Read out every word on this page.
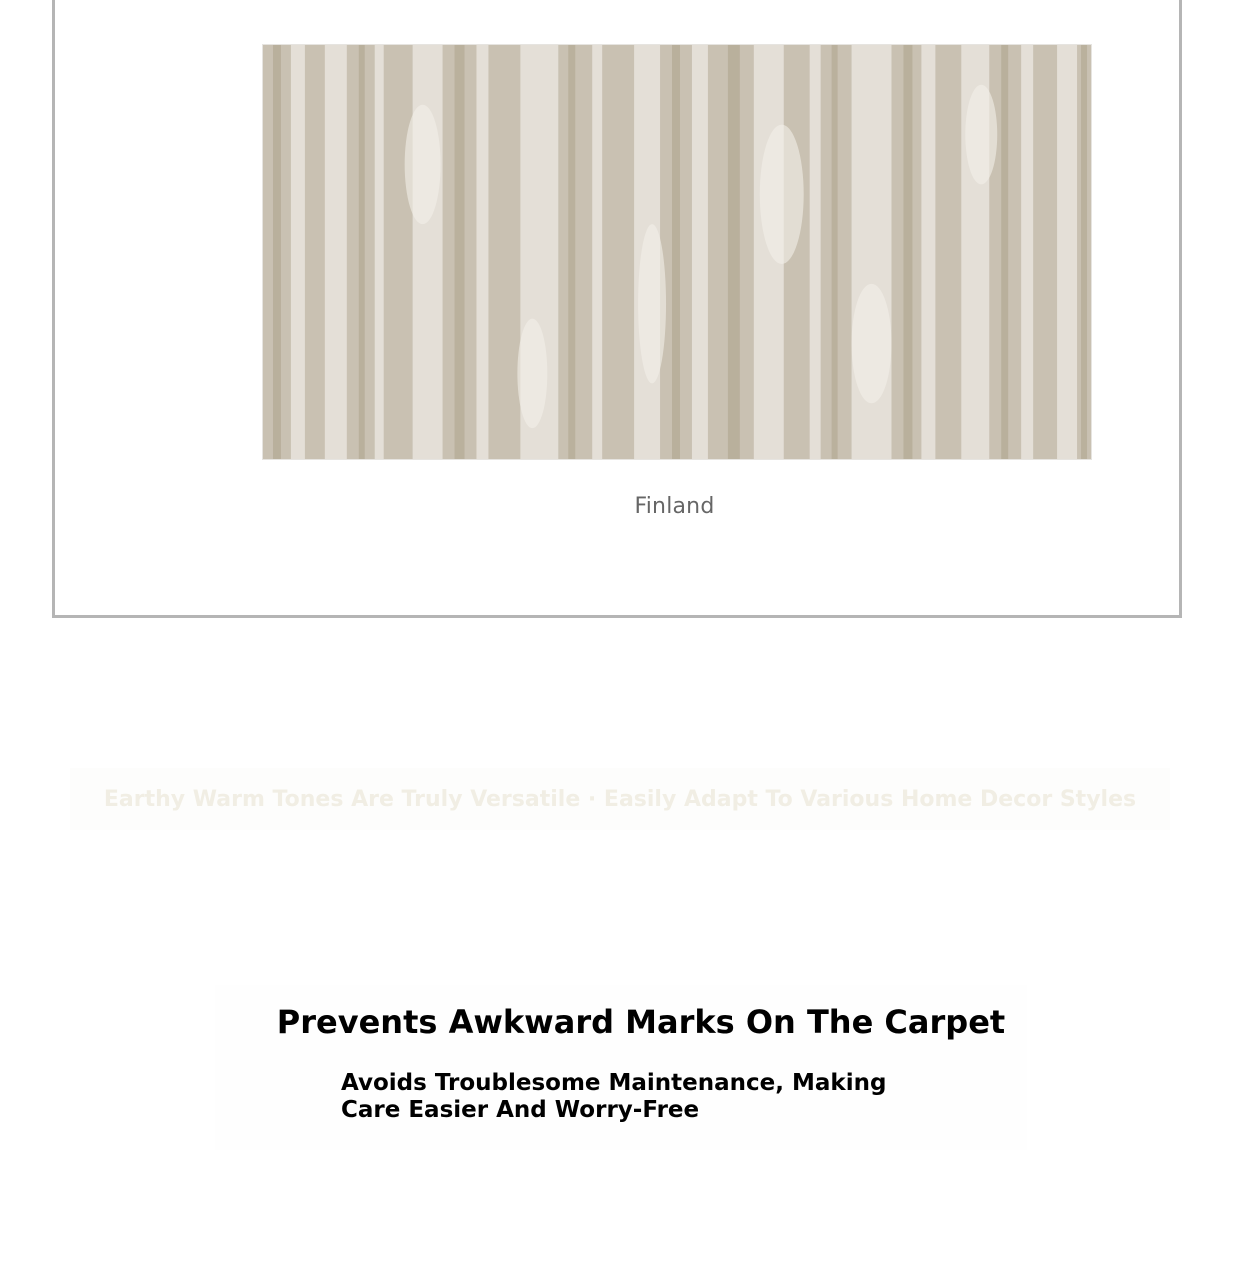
Finland
Earthy Warm Tones Are Truly Versatile · Easily Adapt To Various Home Decor Styles
Prevents Awkward Marks On The Carpet
Avoids Troublesome Maintenance, Making Care Easier And Worry-Free
